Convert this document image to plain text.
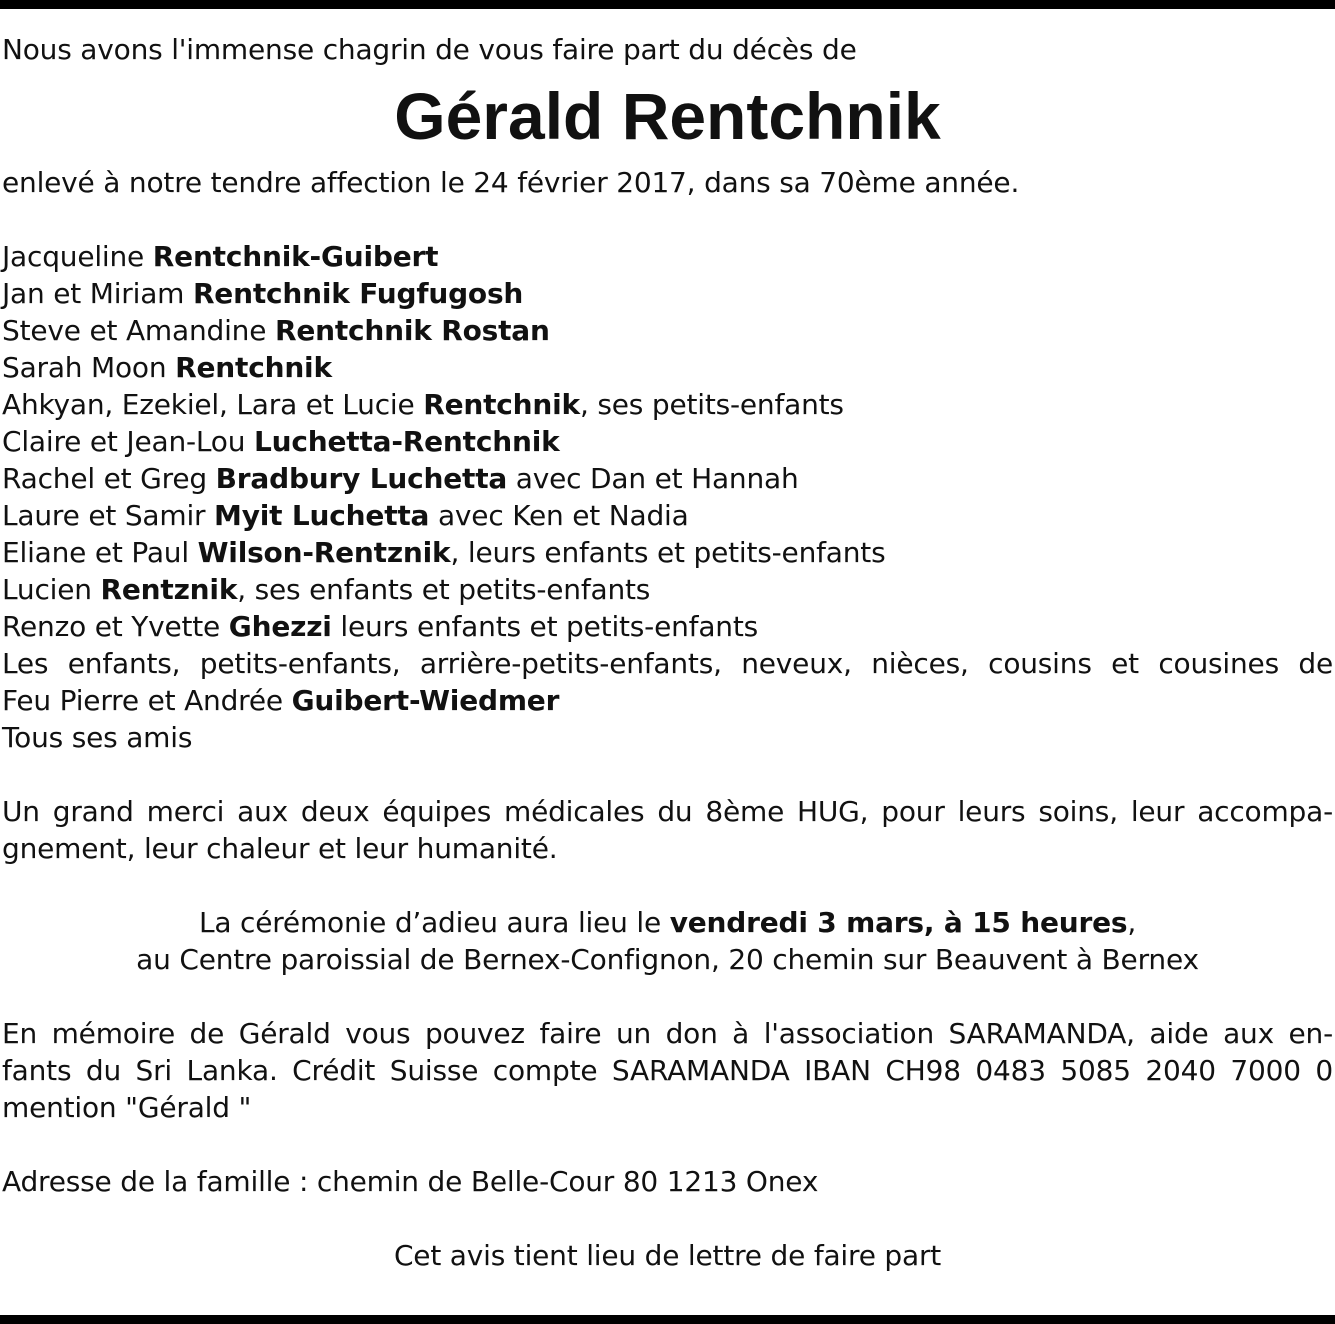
Nous avons l'immense chagrin de vous faire part du décès de
Gérald Rentchnik
enlevé à notre tendre affection le 24 février 2017, dans sa 70ème année.
Jacqueline Rentchnik-Guibert
Jan et Miriam Rentchnik Fugfugosh
Steve et Amandine Rentchnik Rostan
Sarah Moon Rentchnik
Ahkyan, Ezekiel, Lara et Lucie Rentchnik, ses petits-enfants
Claire et Jean-Lou Luchetta-Rentchnik
Rachel et Greg Bradbury Luchetta avec Dan et Hannah
Laure et Samir Myit Luchetta avec Ken et Nadia
Eliane et Paul Wilson-Rentznik, leurs enfants et petits-enfants
Lucien Rentznik, ses enfants et petits-enfants
Renzo et Yvette Ghezzi leurs enfants et petits-enfants
Les enfants, petits-enfants, arrière-petits-enfants, neveux, nièces, cousins et cousines de
Feu Pierre et Andrée Guibert-Wiedmer
Tous ses amis
Un grand merci aux deux équipes médicales du 8ème HUG, pour leurs soins, leur accompa-
gnement, leur chaleur et leur humanité.
La cérémonie d’adieu aura lieu le vendredi 3 mars, à 15 heures,
au Centre paroissial de Bernex-Confignon, 20 chemin sur Beauvent à Bernex
En mémoire de Gérald vous pouvez faire un don à l'association SARAMANDA, aide aux en-
fants du Sri Lanka. Crédit Suisse compte SARAMANDA IBAN CH98 0483 5085 2040 7000 0
mention "Gérald "
Adresse de la famille : chemin de Belle-Cour 80 1213 Onex
Cet avis tient lieu de lettre de faire part
